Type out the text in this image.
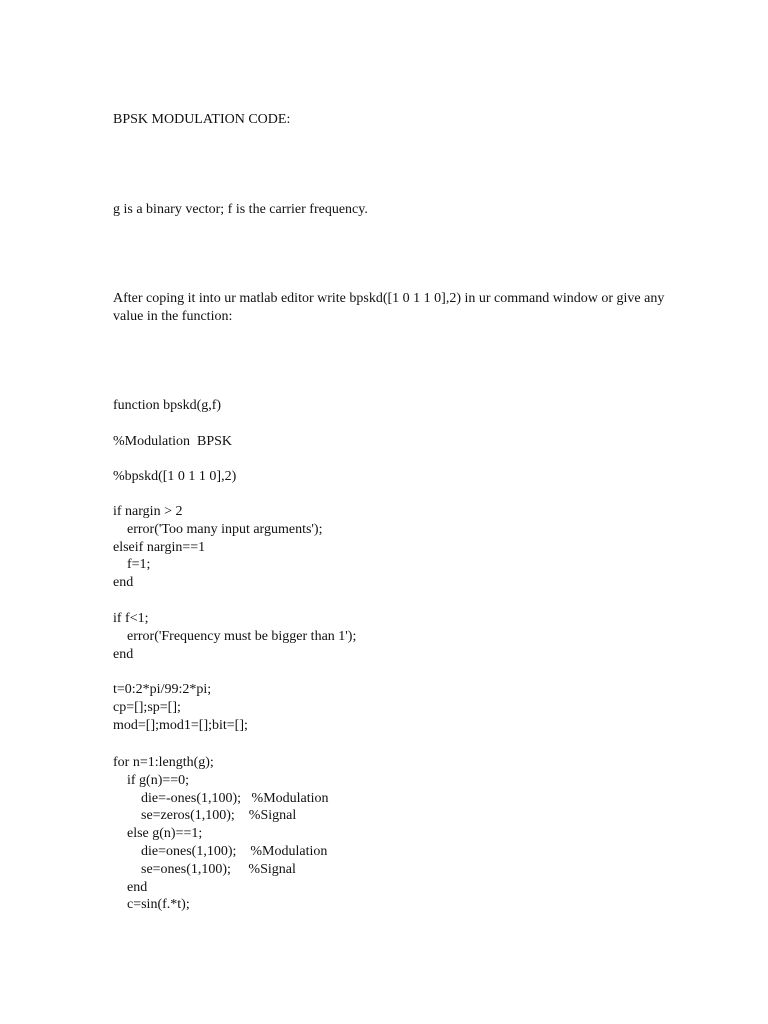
BPSK MODULATION CODE:

g is a binary vector; f is the carrier frequency.

After coping it into ur matlab editor write bpskd([1 0 1 1 0],2) in ur command window or give any value in the function:

function bpskd(g,f)
%Modulation  BPSK
%bpskd([1 0 1 1 0],2)
if nargin > 2
error('Too many input arguments');
elseif nargin==1
f=1;
end
if f<1;
error('Frequency must be bigger than 1');
end
t=0:2*pi/99:2*pi;
cp=[];sp=[];
mod=[];mod1=[];bit=[];
for n=1:length(g);
if g(n)==0;
die=-ones(1,100);   %Modulation
se=zeros(1,100);    %Signal
else g(n)==1;
die=ones(1,100);    %Modulation
se=ones(1,100);     %Signal
end
c=sin(f.*t);
